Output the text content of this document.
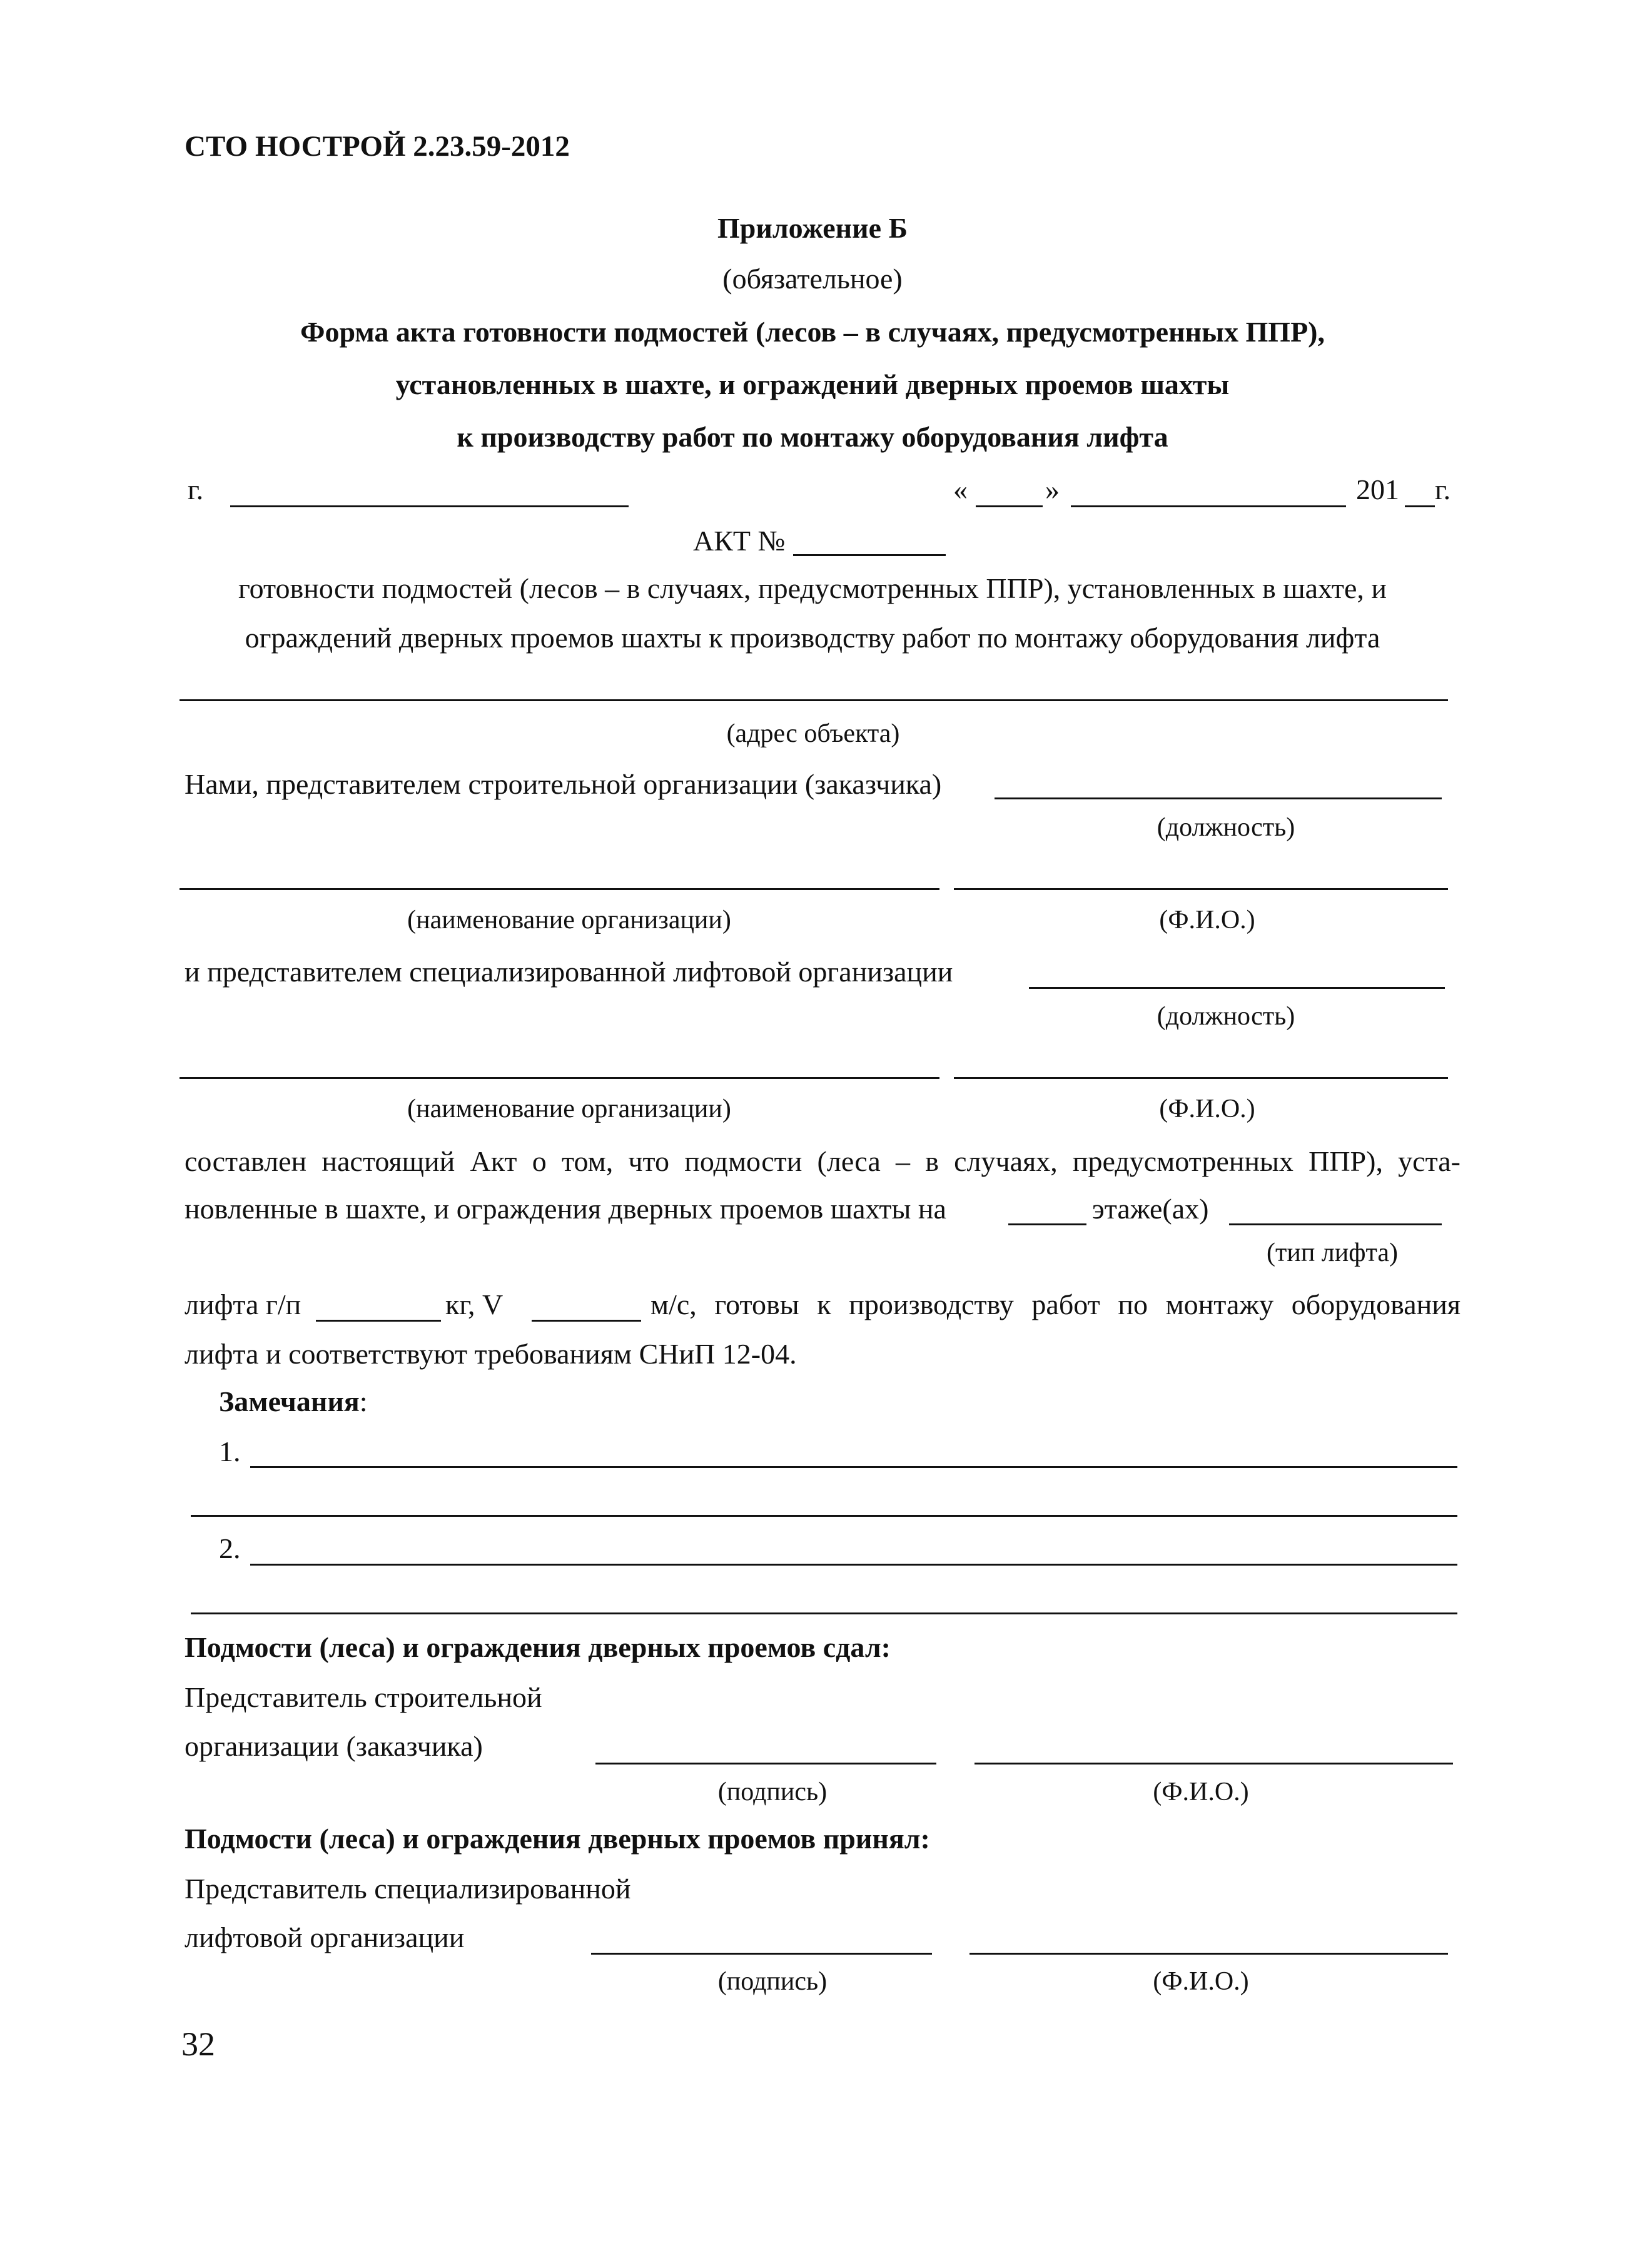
СТО НОСТРОЙ 2.23.59-2012
Приложение Б
(обязательное)
Форма акта готовности подмостей (лесов – в случаях, предусмотренных ППР),
установленных в шахте, и ограждений дверных проемов шахты
к производству работ по монтажу оборудования лифта
г.	«	»	201 г.
АКТ №
готовности подмостей (лесов – в случаях, предусмотренных ППР), установленных в шахте, и
ограждений дверных проемов шахты к производству работ по монтажу оборудования лифта
(адрес объекта)
Нами, представителем строительной организации (заказчика)
(должность)
(наименование организации)	(Ф.И.О.)
и представителем специализированной лифтовой организации
(должность)
(наименование организации)	(Ф.И.О.)
составлен настоящий Акт о том, что подмости (леса – в случаях, предусмотренных ППР), уста-
новленные в шахте, и ограждения дверных проемов шахты на	этаже(ах)
(тип лифта)
лифта г/п	кг, V	м/с, готовы к производству работ по монтажу оборудования
лифта и соответствуют требованиям СНиП 12-04.
Замечания:
1.
2.
Подмости (леса) и ограждения дверных проемов сдал:
Представитель строительной
организации (заказчика)
(подпись)	(Ф.И.О.)
Подмости (леса) и ограждения дверных проемов принял:
Представитель специализированной
лифтовой организации
(подпись)	(Ф.И.О.)
32
